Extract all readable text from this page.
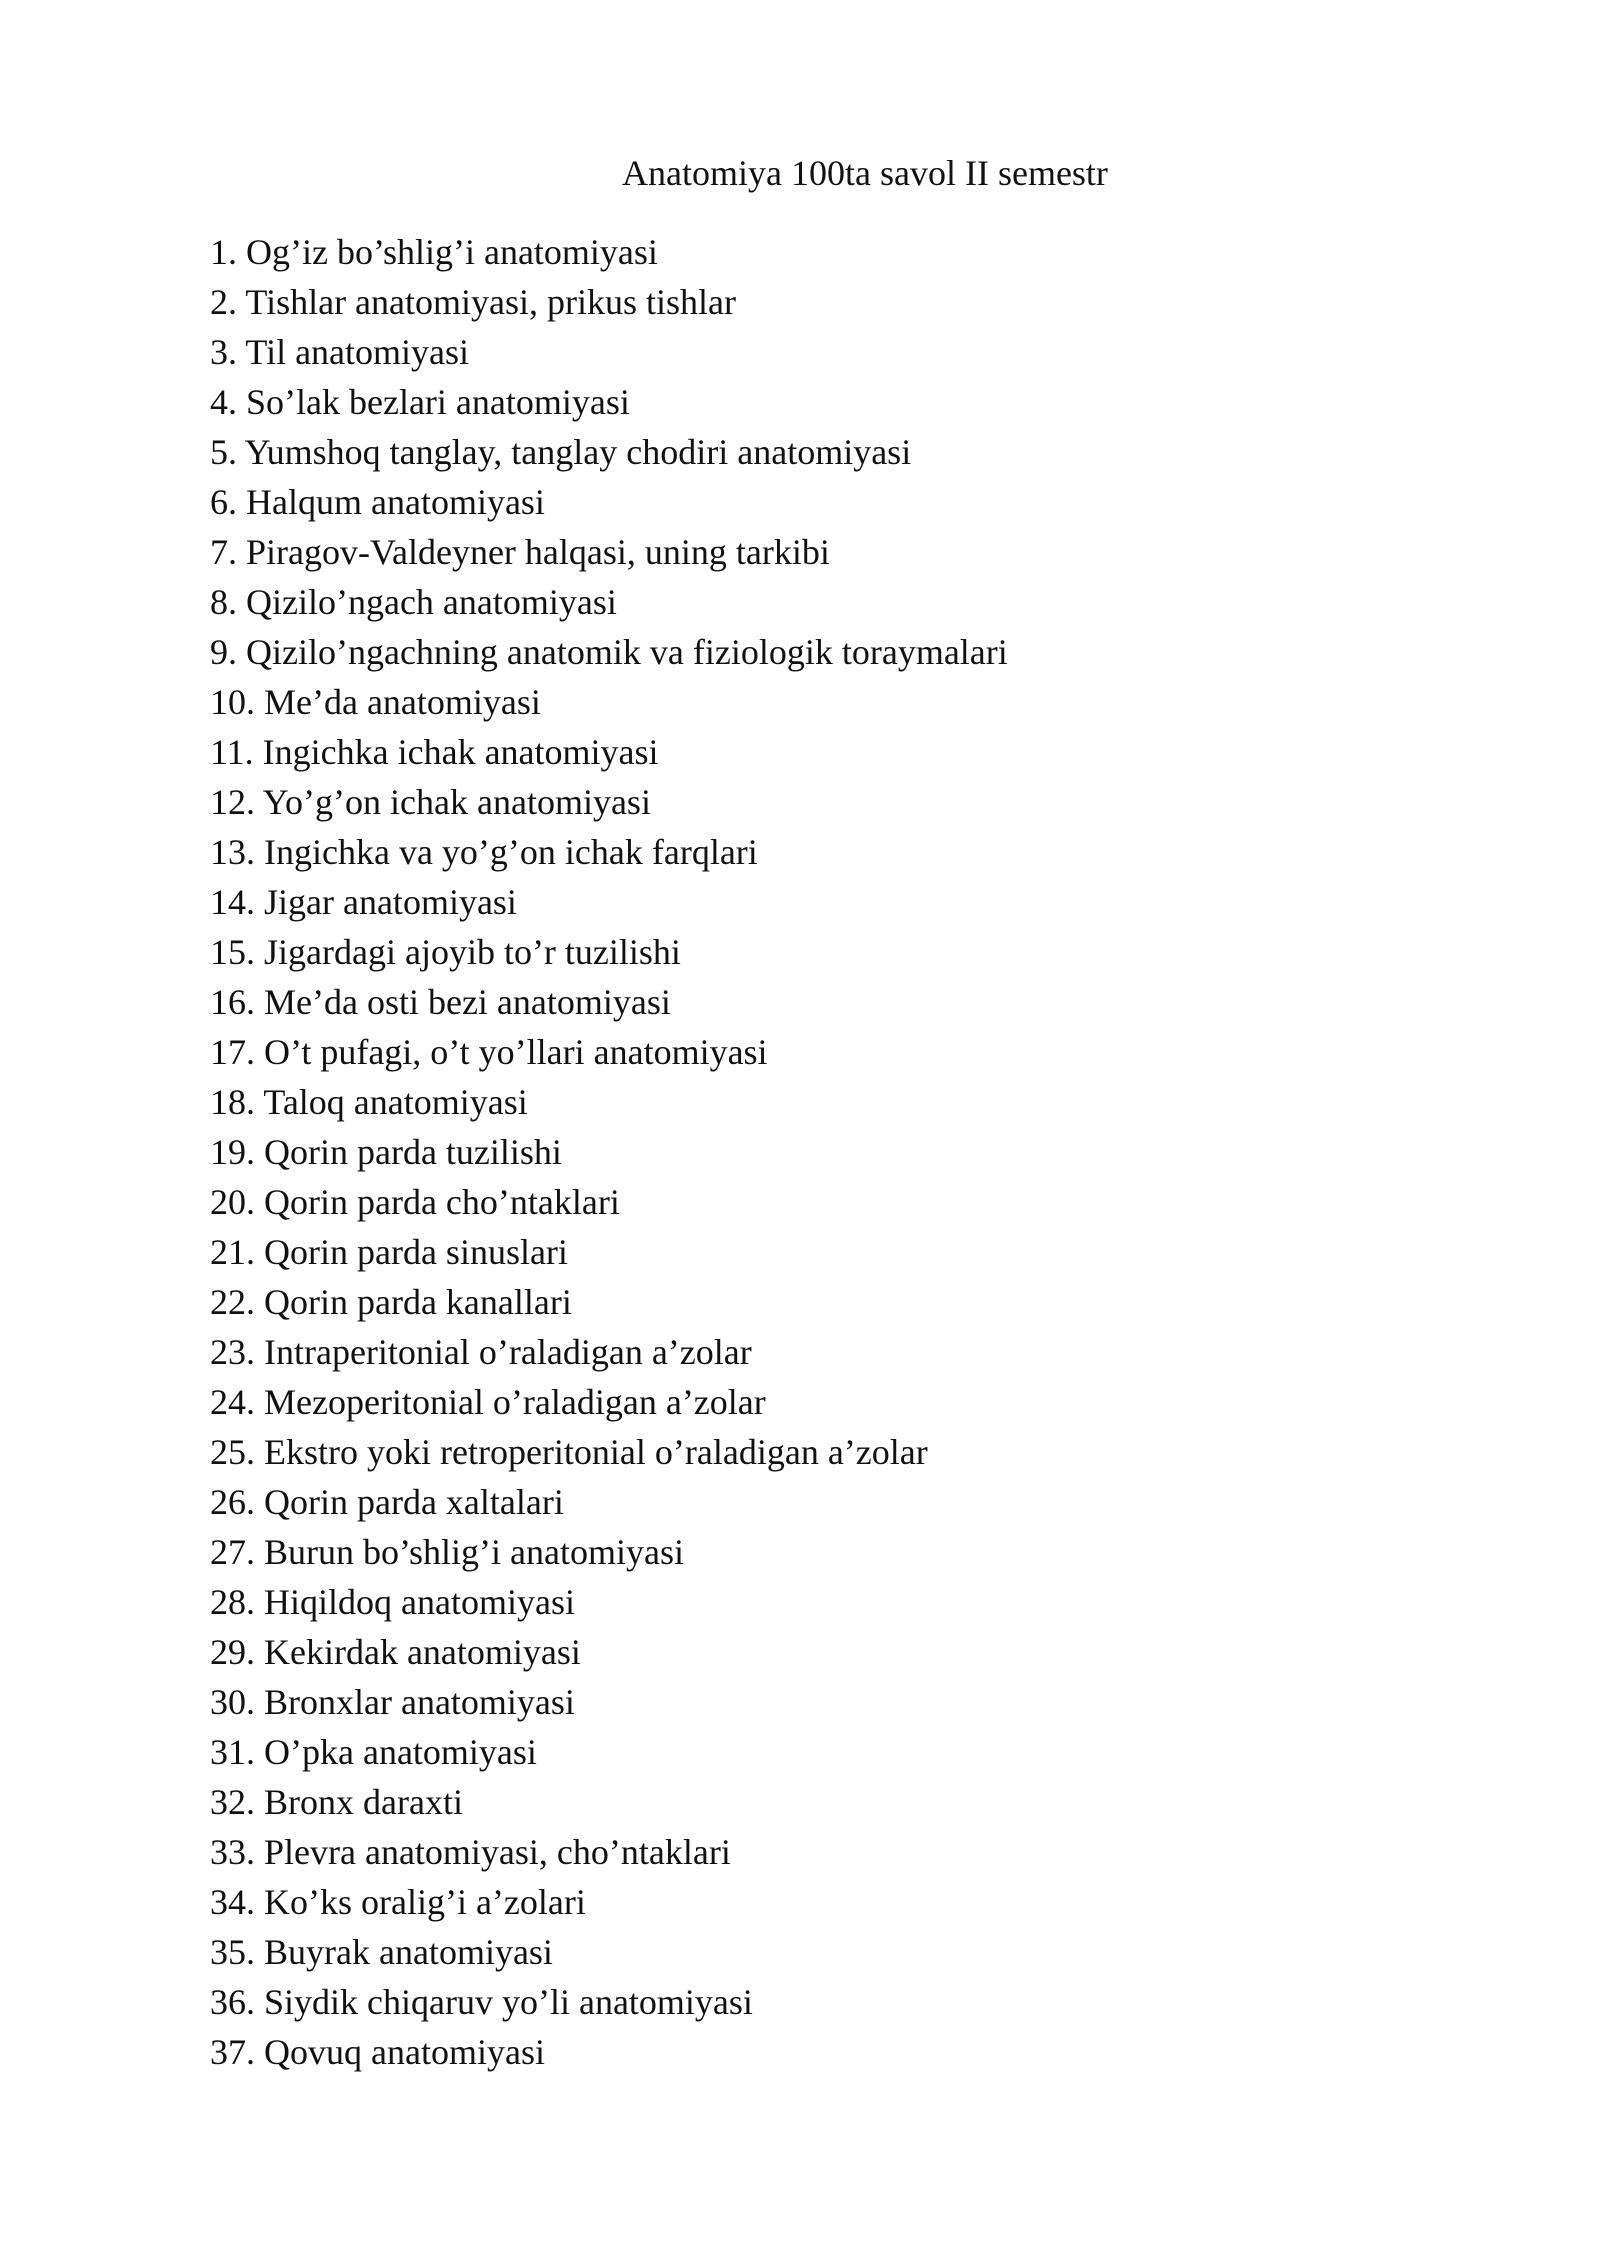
Anatomiya 100ta savol II semestr
1. Og’iz bo’shlig’i anatomiyasi
2. Tishlar anatomiyasi, prikus tishlar
3. Til anatomiyasi
4. So’lak bezlari anatomiyasi
5. Yumshoq tanglay, tanglay chodiri anatomiyasi
6. Halqum anatomiyasi
7. Piragov-Valdeyner halqasi, uning tarkibi
8. Qizilo’ngach anatomiyasi
9. Qizilo’ngachning anatomik va fiziologik toraymalari
10. Me’da anatomiyasi
11. Ingichka ichak anatomiyasi
12. Yo’g’on ichak anatomiyasi
13. Ingichka va yo’g’on ichak farqlari
14. Jigar anatomiyasi
15. Jigardagi ajoyib to’r tuzilishi
16. Me’da osti bezi anatomiyasi
17. O’t pufagi, o’t yo’llari anatomiyasi
18. Taloq anatomiyasi
19. Qorin parda tuzilishi
20. Qorin parda cho’ntaklari
21. Qorin parda sinuslari
22. Qorin parda kanallari
23. Intraperitonial o’raladigan a’zolar
24. Mezoperitonial o’raladigan a’zolar
25. Ekstro yoki retroperitonial o’raladigan a’zolar
26. Qorin parda xaltalari
27. Burun bo’shlig’i anatomiyasi
28. Hiqildoq anatomiyasi
29. Kekirdak anatomiyasi
30. Bronxlar anatomiyasi
31. O’pka anatomiyasi
32. Bronx daraxti
33. Plevra anatomiyasi, cho’ntaklari
34. Ko’ks oralig’i a’zolari
35. Buyrak anatomiyasi
36. Siydik chiqaruv yo’li anatomiyasi
37. Qovuq anatomiyasi
